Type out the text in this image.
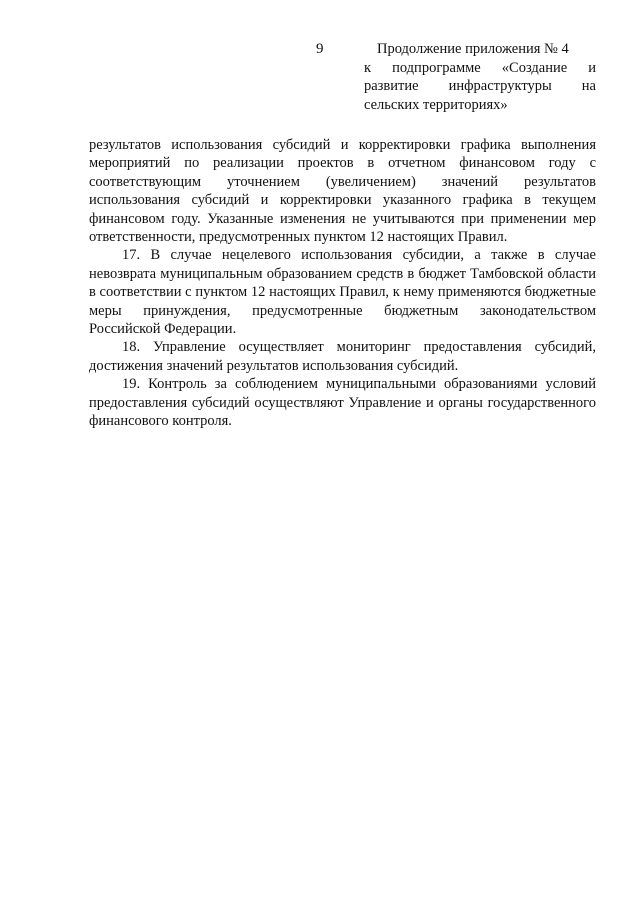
9	Продолжение приложения № 4
к подпрограмме «Создание и развитие инфраструктуры на сельских территориях»

результатов использования субсидий и корректировки графика выполнения мероприятий по реализации проектов в отчетном финансовом году с соответствующим уточнением (увеличением) значений результатов использования субсидий и корректировки указанного графика в текущем финансовом году. Указанные изменения не учитываются при применении мер ответственности, предусмотренных пунктом 12 настоящих Правил.

17. В случае нецелевого использования субсидии, а также в случае невозврата муниципальным образованием средств в бюджет Тамбовской области в соответствии с пунктом 12 настоящих Правил, к нему применяются бюджетные меры принуждения, предусмотренные бюджетным законодательством Российской Федерации.

18. Управление осуществляет мониторинг предоставления субсидий, достижения значений результатов использования субсидий.

19. Контроль за соблюдением муниципальными образованиями условий предоставления субсидий осуществляют Управление и органы государственного финансового контроля.
